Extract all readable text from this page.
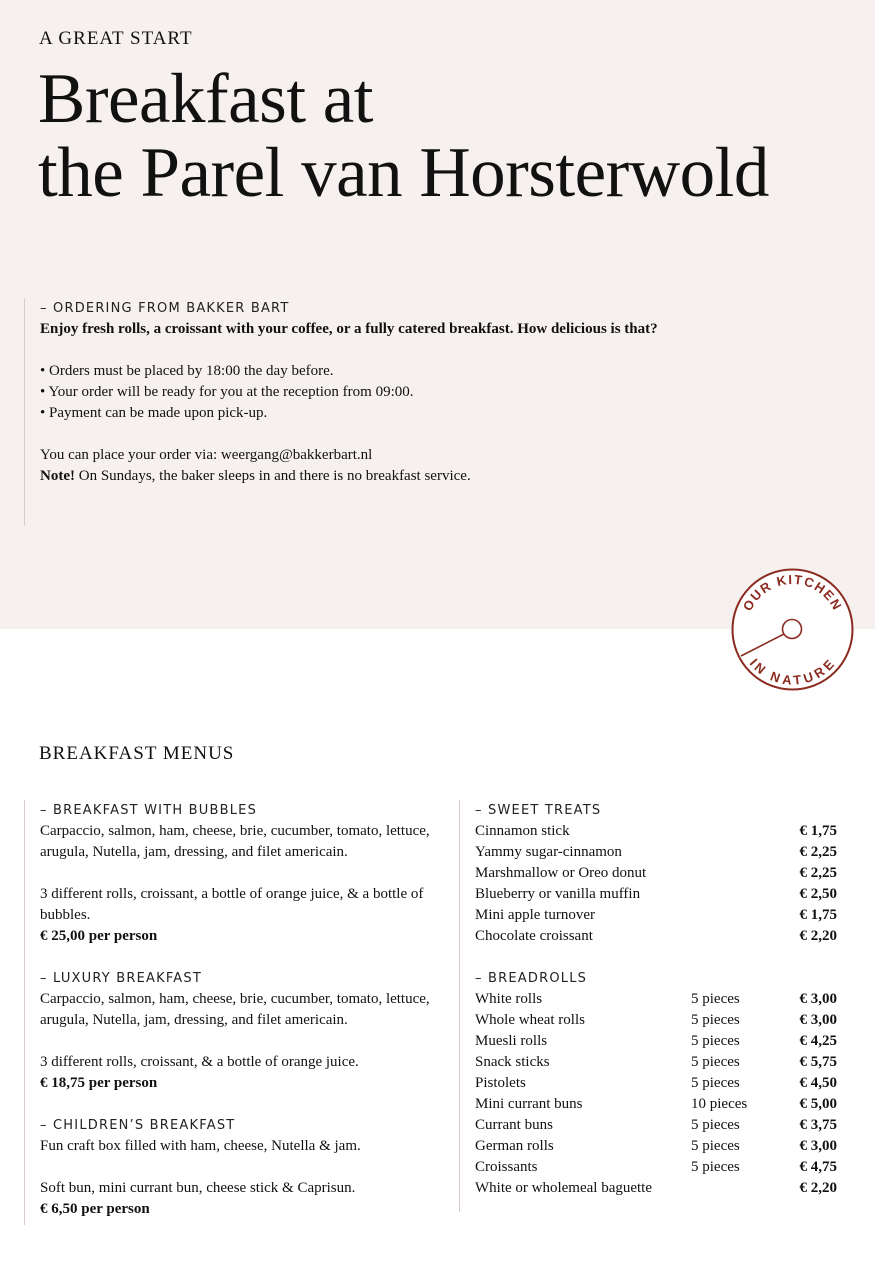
A GREAT START
Breakfast at
the Parel van Horsterwold
– ORDERING FROM BAKKER BART

Enjoy fresh rolls, a croissant with your coffee, or a fully catered breakfast. How delicious is that?

• Orders must be placed by 18:00 the day before.

• Your order will be ready for you at the reception from 09:00.

• Payment can be made upon pick-up.

You can place your order via: weergang@bakkerbart.nl

Note! On Sundays, the baker sleeps in and there is no breakfast service.

OUR KITCHEN
IN NATURE
BREAKFAST MENUS
– BREAKFAST WITH BUBBLES

Carpaccio, salmon, ham, cheese, brie, cucumber, tomato, lettuce, arugula, Nutella, jam, dressing, and filet americain.

3 different rolls, croissant, a bottle of orange juice, & a bottle of bubbles.

€ 25,00 per person

– LUXURY BREAKFAST

Carpaccio, salmon, ham, cheese, brie, cucumber, tomato, lettuce, arugula, Nutella, jam, dressing, and filet americain.

3 different rolls, croissant, & a bottle of orange juice.

€ 18,75 per person

– CHILDREN’S BREAKFAST

Fun craft box filled with ham, cheese, Nutella & jam.

Soft bun, mini currant bun, cheese stick & Caprisun.

€ 6,50 per person

– SWEET TREATS
Cinnamon stick	€ 1,75
Yammy sugar-cinnamon	€ 2,25
Marshmallow or Oreo donut	€ 2,25
Blueberry or vanilla muffin	€ 2,50
Mini apple turnover	€ 1,75
Chocolate croissant	€ 2,20
– BREADROLLS
White rolls	5 pieces	€ 3,00
Whole wheat rolls	5 pieces	€ 3,00
Muesli rolls	5 pieces	€ 4,25
Snack sticks	5 pieces	€ 5,75
Pistolets	5 pieces	€ 4,50
Mini currant buns	10 pieces	€ 5,00
Currant buns	5 pieces	€ 3,75
German rolls	5 pieces	€ 3,00
Croissants	5 pieces	€ 4,75
White or wholemeal baguette	€ 2,20
